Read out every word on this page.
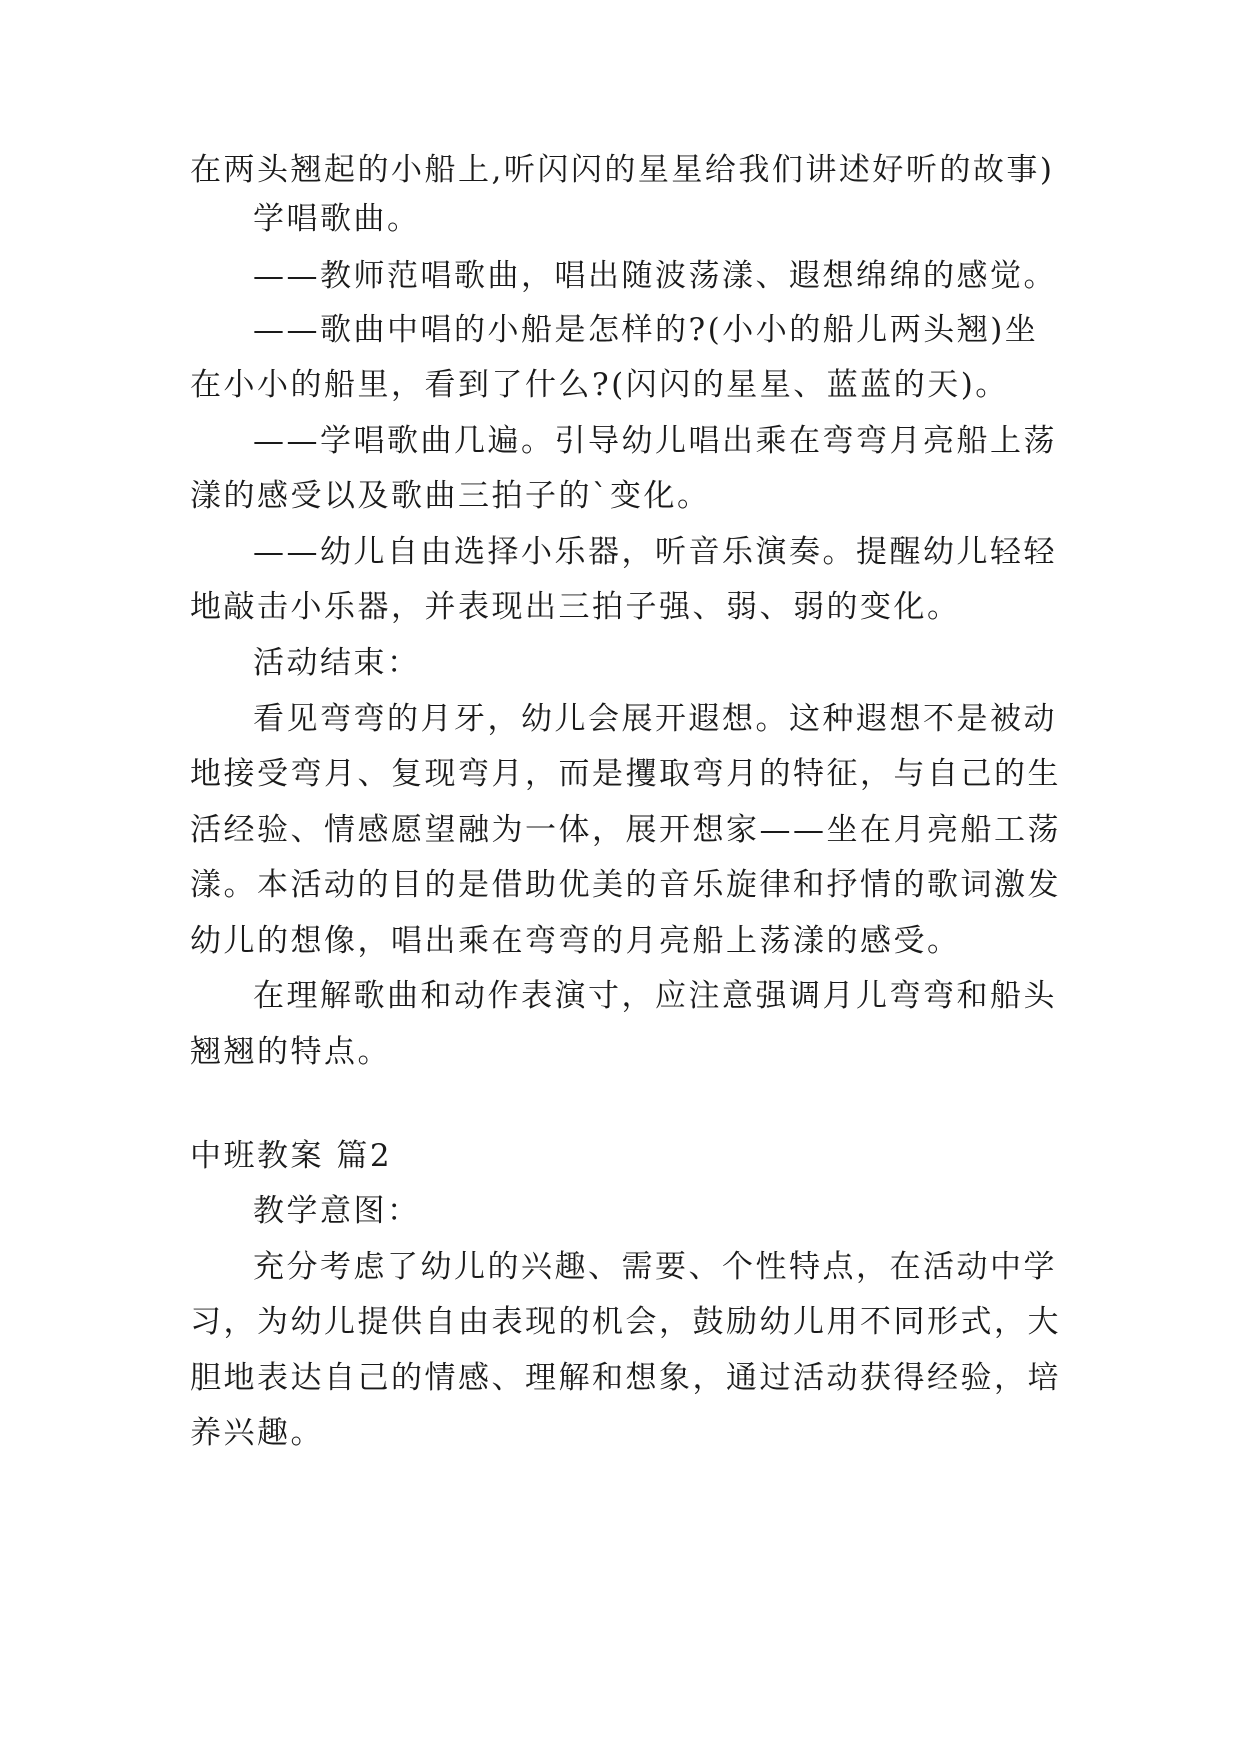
在两头翘起的小船上,听闪闪的星星给我们讲述好听的故事)
学唱歌曲。
——教师范唱歌曲，唱出随波荡漾、遐想绵绵的感觉。
——歌曲中唱的小船是怎样的?(小小的船儿两头翘)坐
在小小的船里，看到了什么?(闪闪的星星、蓝蓝的天)。
——学唱歌曲几遍。引导幼儿唱出乘在弯弯月亮船上荡
漾的感受以及歌曲三拍子的`变化。
——幼儿自由选择小乐器，听音乐演奏。提醒幼儿轻轻
地敲击小乐器，并表现出三拍子强、弱、弱的变化。
活动结束：
看见弯弯的月牙，幼儿会展开遐想。这种遐想不是被动
地接受弯月、复现弯月，而是攫取弯月的特征，与自己的生
活经验、情感愿望融为一体，展开想家——坐在月亮船工荡
漾。本活动的目的是借助优美的音乐旋律和抒情的歌词激发
幼儿的想像，唱出乘在弯弯的月亮船上荡漾的感受。
在理解歌曲和动作表演寸，应注意强调月儿弯弯和船头
翘翘的特点。
中班教案 篇2
教学意图：
充分考虑了幼儿的兴趣、需要、个性特点，在活动中学
习，为幼儿提供自由表现的机会，鼓励幼儿用不同形式，大
胆地表达自己的情感、理解和想象，通过活动获得经验，培
养兴趣。
